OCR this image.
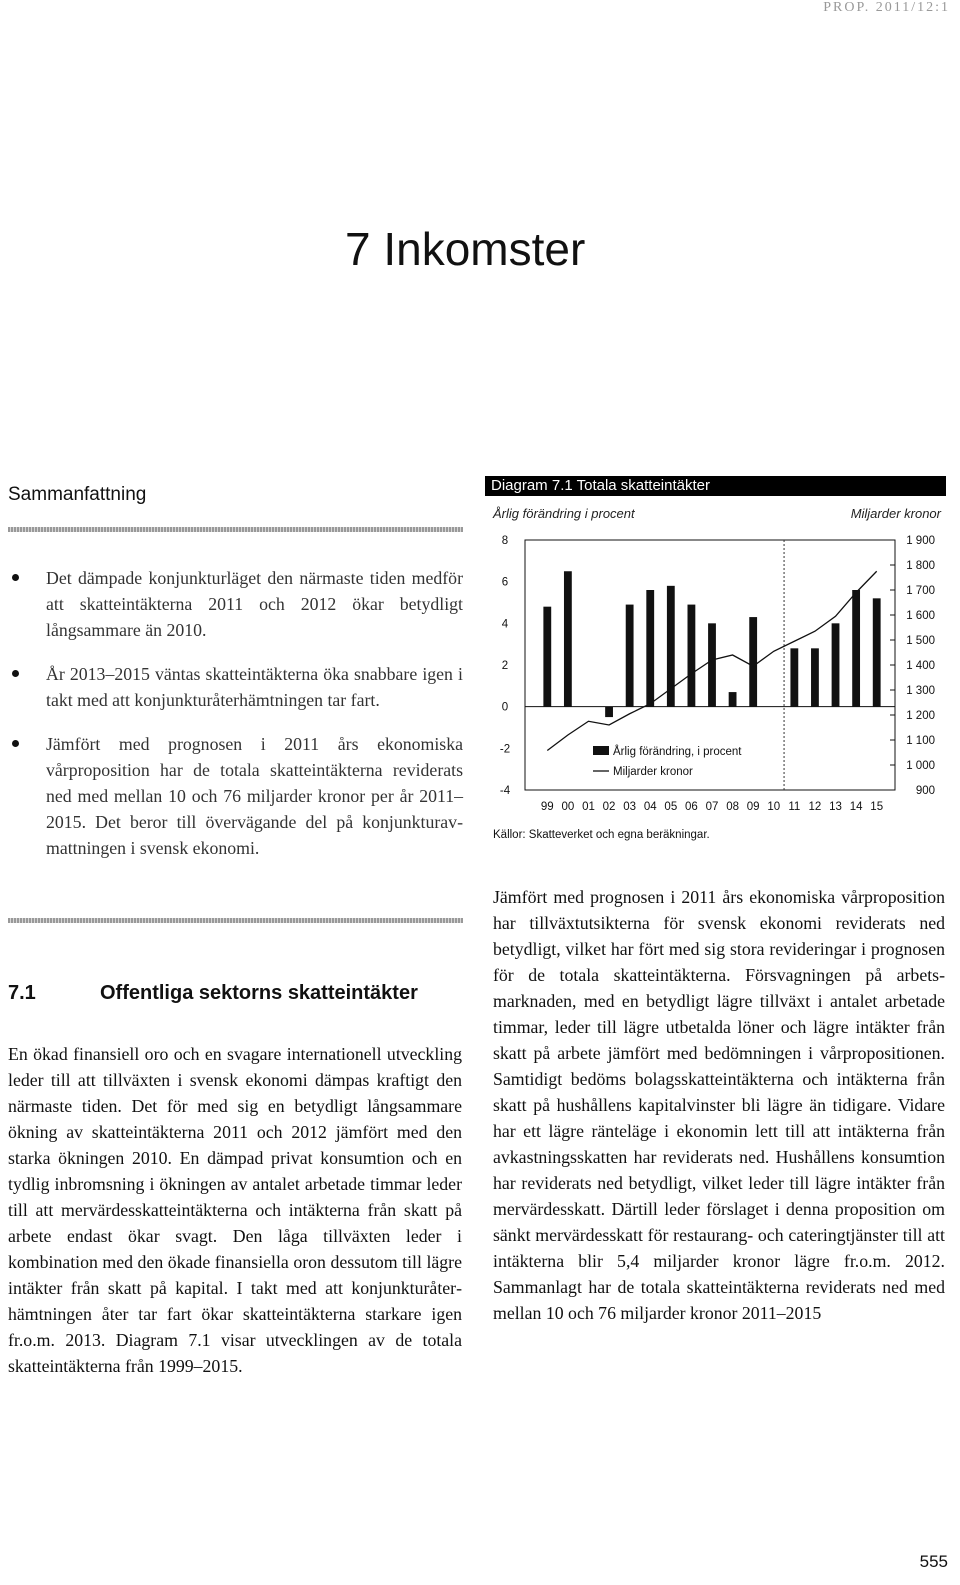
PROP. 2011/12:1
7 Inkomster
Sammanfattning
Det dämpade konjunkturläget den närmaste tiden medför att skatteintäkterna 2011 och 2012 ökar betydligt långsammare än 2010.
År 2013–2015 väntas skatteintäkterna öka snabbare igen i takt med att konjunkturåterhämtningen tar fart.
Jämfört med prognosen i 2011 års ekonomiska vårproposition har de totala skatteintäkterna reviderats ned med mellan 10 och 76 miljarder kronor per år 2011–2015. Det beror till övervägande del på konjunkturavmattningen i svensk ekonomi.
7.1	Offentliga sektorns skatteintäkter

En ökad finansiell oro och en svagare internationell utveckling leder till att tillväxten i svensk ekonomi dämpas kraftigt den närmaste tiden. Det för med sig en betydligt långsammare ökning av skatteintäkterna 2011 och 2012 jämfört med den starka ökningen 2010. En dämpad privat konsumtion och en tydlig inbromsning i ökningen av antalet arbetade timmar leder till att mervärdesskatteintäkterna och intäkterna från skatt på arbete endast ökar svagt. Den låga tillväxten leder i kombination med den ökade finansiella oron dessutom till lägre intäkter från skatt på kapital. I takt med att konjunkturåterhämtningen åter tar fart ökar skatteintäkterna starkare igen fr.o.m. 2013. Diagram 7.1 visar utvecklingen av de totala skatteintäkterna från 1999–2015.

Diagram 7.1 Totala skatteintäkter
Årlig förändring i procent	Miljarder kronor
8
6
4
2
0
-2
-4
1 900
1 800
1 700
1 600
1 500
1 400
1 300
1 200
1 100
1 000
900
99 00 01 02 03 04 05 06 07 08 09 10 11 12 13 14 15
Årlig förändring, i procent
Miljarder kronor
Källor: Skatteverket och egna beräkningar.

Jämfört med prognosen i 2011 års ekonomiska vårproposition har tillväxtutsikterna för svensk ekonomi reviderats ned betydligt, vilket har fört med sig stora revideringar i prognosen för de totala skatteintäkterna. Försvagningen på arbetsmarknaden, med en betydligt lägre tillväxt i antalet arbetade timmar, leder till lägre utbetalda löner och lägre intäkter från skatt på arbete jämfört med bedömningen i vårpropositionen. Samtidigt bedöms bolagsskatteintäkterna och intäkterna från skatt på hushållens kapitalvinster bli lägre än tidigare. Vidare har ett lägre ränteläge i ekonomin lett till att intäkterna från avkastningsskatten har reviderats ned. Hushållens konsumtion har reviderats ned betydligt, vilket leder till lägre intäkter från mervärdesskatt. Därtill leder förslaget i denna proposition om sänkt mervärdesskatt för restaurang- och cateringtjänster till att intäkterna blir 5,4 miljarder kronor lägre fr.o.m. 2012. Sammanlagt har de totala skatteintäkterna reviderats ned med mellan 10 och 76 miljarder kronor 2011–2015

555
